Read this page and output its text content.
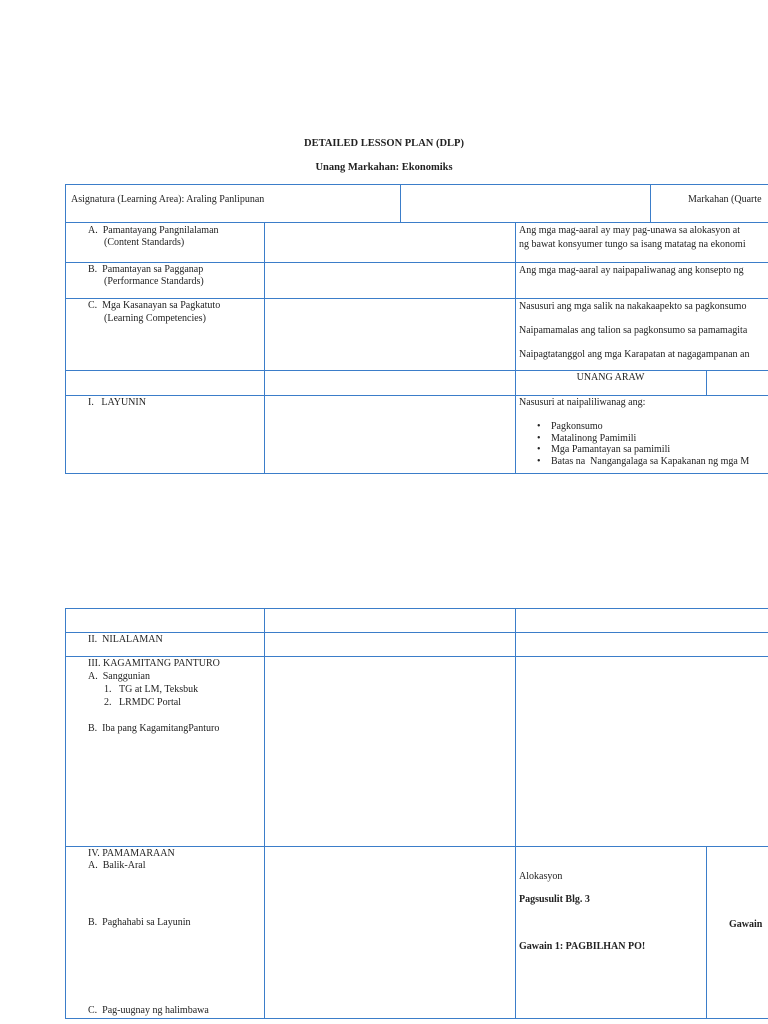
DETAILED LESSON PLAN (DLP)
Unang Markahan: Ekonomiks
Asignatura (Learning Area): Araling Panlipunan	Markahan (Quarte
A.  Pamantayang Pangnilalaman
(Content Standards)
Ang mga mag-aaral ay may pag-unawa sa alokasyon at
ng bawat konsyumer tungo sa isang matatag na ekonomi
B.  Pamantayan sa Pagganap
(Performance Standards)
Ang mga mag-aaral ay naipapaliwanag ang konsepto ng
C.  Mga Kasanayan sa Pagkatuto
(Learning Competencies)
Nasusuri ang mga salik na nakakaapekto sa pagkonsumo
Naipamamalas ang talion sa pagkonsumo sa pamamagita
Naipagtatanggol ang mga Karapatan at nagagampanan an
UNANG ARAW
I.   LAYUNIN	Nasusuri at naipaliliwanag ang:
• Pagkonsumo
• Matalinong Pamimili
• Mga Pamantayan sa pamimili
• Batas na  Nangangalaga sa Kapakanan ng mga M
II.  NILALAMAN
III. KAGAMITANG PANTURO
A.  Sanggunian
1.   TG at LM, Teksbuk
2.   LRMDC Portal
B.  Iba pang KagamitangPanturo
IV. PAMAMARAAN
A.  Balik-Aral
B.  Paghahabi sa Layunin
C.  Pag-uugnay ng halimbawa
Alokasyon
Pagsusulit Blg. 3
Gawain 1: PAGBILHAN PO!
Gawain
